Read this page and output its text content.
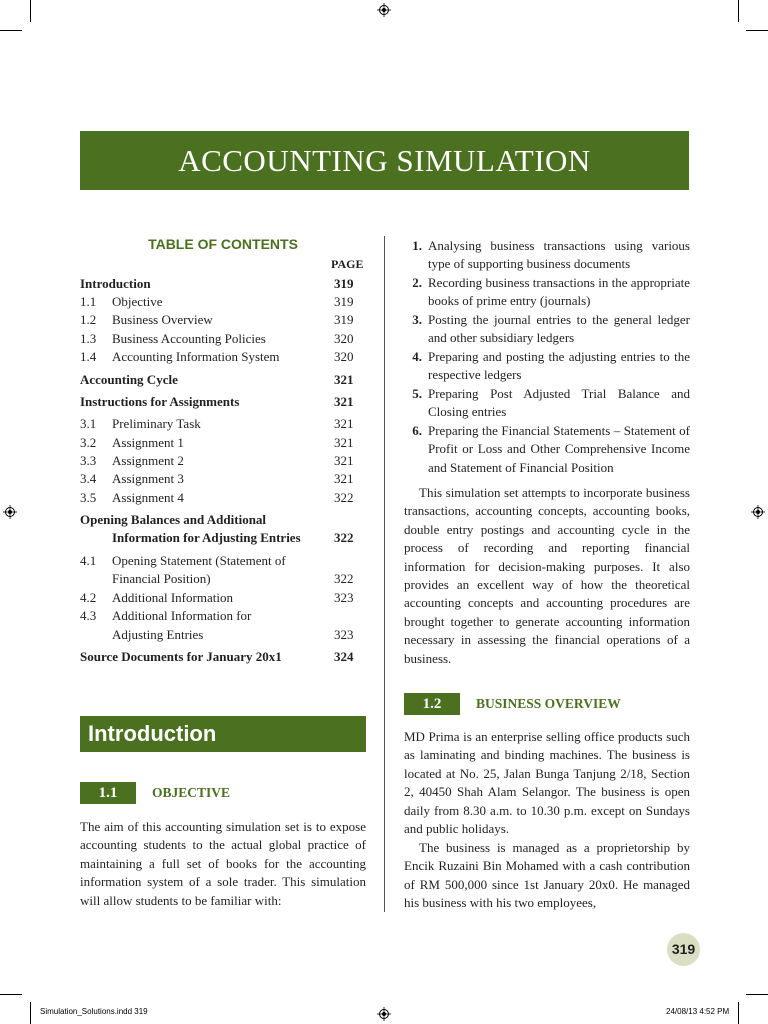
ACCOUNTING SIMULATION
TABLE OF CONTENTS
PAGE
Introduction	319
1.1 Objective	319
1.2 Business Overview	319
1.3 Business Accounting Policies	320
1.4 Accounting Information System	320
Accounting Cycle	321
Instructions for Assignments	321
3.1 Preliminary Task	321
3.2 Assignment 1	321
3.3 Assignment 2	321
3.4 Assignment 3	321
3.5 Assignment 4	322
Opening Balances and Additional
Information for Adjusting Entries	322
4.1 Opening Statement (Statement of
Financial Position)	322
4.2 Additional Information	323
4.3 Additional Information for
Adjusting Entries	323
Source Documents for January 20x1	324
Introduction
1.1	OBJECTIVE
The aim of this accounting simulation set is to expose accounting students to the actual global practice of maintaining a full set of books for the accounting information system of a sole trader. This simulation will allow students to be familiar with:
1. Analysing business transactions using various type of supporting business documents
2. Recording business transactions in the appropriate books of prime entry (journals)
3. Posting the journal entries to the general ledger and other subsidiary ledgers
4. Preparing and posting the adjusting entries to the respective ledgers
5. Preparing Post Adjusted Trial Balance and Closing entries
6. Preparing the Financial Statements – Statement of Profit or Loss and Other Comprehensive Income and Statement of Financial Position
This simulation set attempts to incorporate business transactions, accounting concepts, accounting books, double entry postings and accounting cycle in the process of recording and reporting financial information for decision-making purposes. It also provides an excellent way of how the theoretical accounting concepts and accounting procedures are brought together to generate accounting information necessary in assessing the financial operations of a business.
1.2	BUSINESS OVERVIEW
MD Prima is an enterprise selling office products such as laminating and binding machines. The business is located at No. 25, Jalan Bunga Tanjung 2/18, Section 2, 40450 Shah Alam Selangor. The business is open daily from 8.30 a.m. to 10.30 p.m. except on Sundays and public holidays.
The business is managed as a proprietorship by Encik Ruzaini Bin Mohamed with a cash contribution of RM 500,000 since 1st January 20x0. He managed his business with his two employees,
319
Simulation_Solutions.indd 319	24/08/13 4:52 PM
